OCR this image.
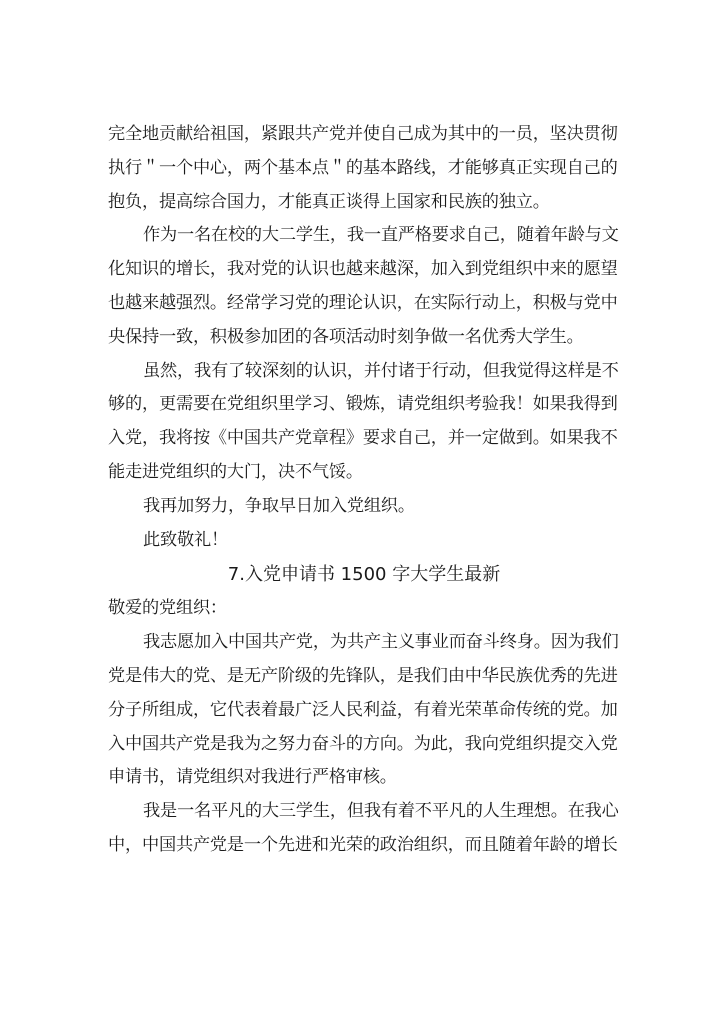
完全地贡献给祖国，紧跟共产党并使自己成为其中的一员，坚决贯彻
执行＂一个中心，两个基本点＂的基本路线，才能够真正实现自己的
抱负，提高综合国力，才能真正谈得上国家和民族的独立。
作为一名在校的大二学生，我一直严格要求自己，随着年龄与文
化知识的增长，我对党的认识也越来越深，加入到党组织中来的愿望
也越来越强烈。经常学习党的理论认识，在实际行动上，积极与党中
央保持一致，积极参加团的各项活动时刻争做一名优秀大学生。
虽然，我有了较深刻的认识，并付诸于行动，但我觉得这样是不
够的，更需要在党组织里学习、锻炼，请党组织考验我！如果我得到
入党，我将按《中国共产党章程》要求自己，并一定做到。如果我不
能走进党组织的大门，决不气馁。
我再加努力，争取早日加入党组织。
此致敬礼！
7.入党申请书 1500 字大学生最新
敬爱的党组织：
我志愿加入中国共产党，为共产主义事业而奋斗终身。因为我们
党是伟大的党、是无产阶级的先锋队，是我们由中华民族优秀的先进
分子所组成，它代表着最广泛人民利益，有着光荣革命传统的党。加
入中国共产党是我为之努力奋斗的方向。为此，我向党组织提交入党
申请书，请党组织对我进行严格审核。
我是一名平凡的大三学生，但我有着不平凡的人生理想。在我心
中，中国共产党是一个先进和光荣的政治组织，而且随着年龄的增长
